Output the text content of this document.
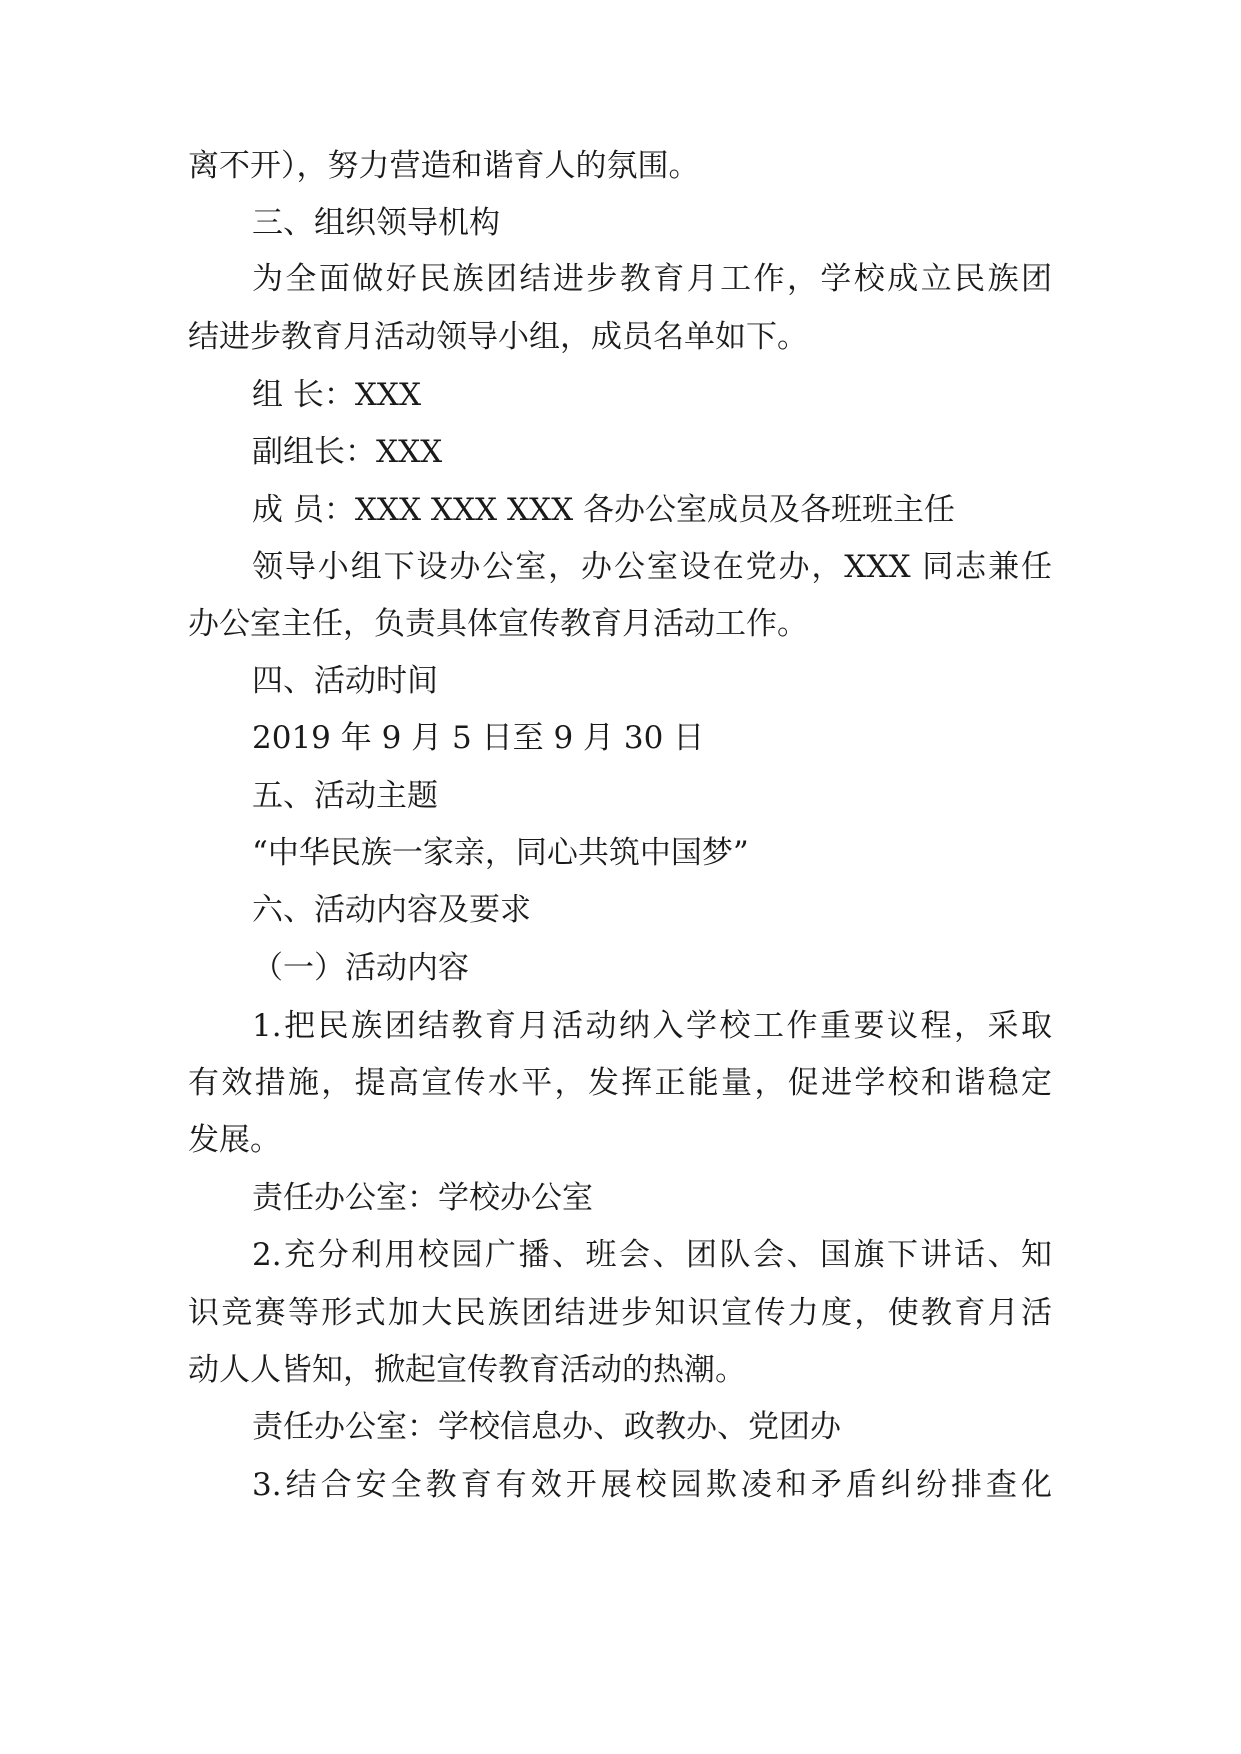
离不开），努力营造和谐育人的氛围。
三、组织领导机构
为全面做好民族团结进步教育月工作，学校成立民族团
结进步教育月活动领导小组，成员名单如下。
组 长：XXX
副组长：XXX
成 员：XXX XXX XXX 各办公室成员及各班班主任
领导小组下设办公室，办公室设在党办，XXX 同志兼任
办公室主任，负责具体宣传教育月活动工作。
四、活动时间
2019 年 9 月 5 日至 9 月 30 日
五、活动主题
“中华民族一家亲，同心共筑中国梦”
六、活动内容及要求
（一）活动内容
1.把民族团结教育月活动纳入学校工作重要议程，采取
有效措施，提高宣传水平，发挥正能量，促进学校和谐稳定
发展。
责任办公室：学校办公室
2.充分利用校园广播、班会、团队会、国旗下讲话、知
识竞赛等形式加大民族团结进步知识宣传力度，使教育月活
动人人皆知，掀起宣传教育活动的热潮。
责任办公室：学校信息办、政教办、党团办
3.结合安全教育有效开展校园欺凌和矛盾纠纷排查化
